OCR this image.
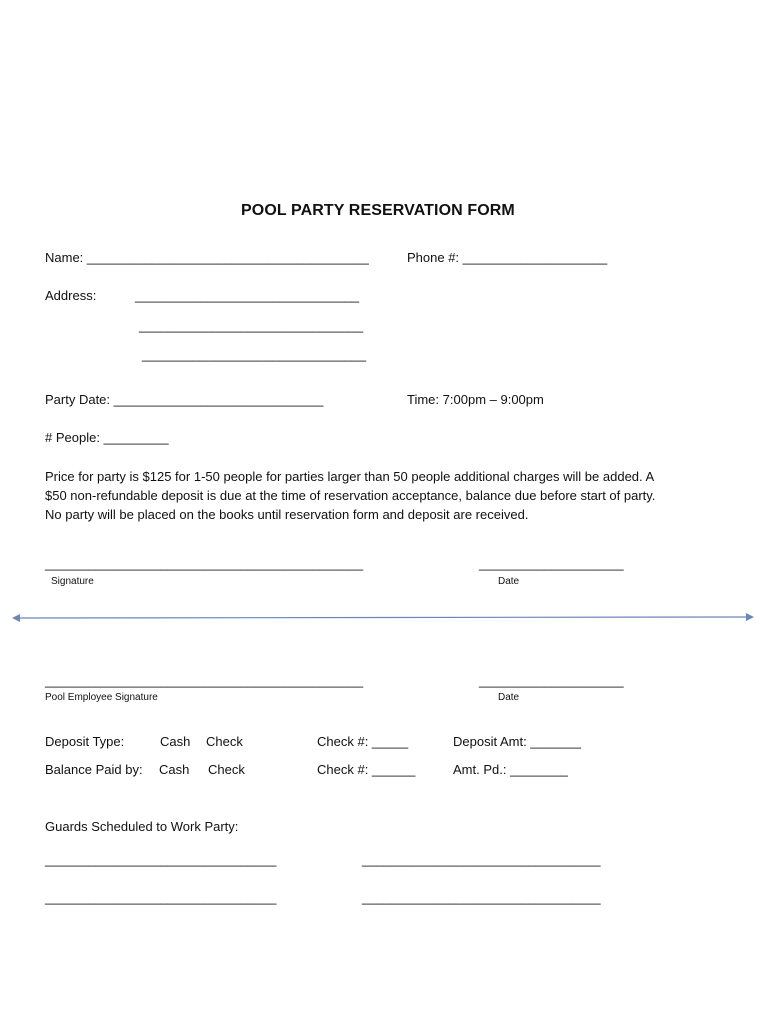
POOL PARTY RESERVATION FORM
Name: _______________________________________	Phone #: ____________________
Address:	_______________________________
_______________________________
_______________________________
Party Date: _____________________________	Time: 7:00pm – 9:00pm
# People: _________
Price for party is $125 for 1-50 people for parties larger than 50 people additional charges will be added. A
$50 non-refundable deposit is due at the time of reservation acceptance, balance due before start of party.
No party will be placed on the books until reservation form and deposit are received.
____________________________________________
Signature
____________________
Date
____________________________________________
Pool Employee Signature
____________________
Date
Deposit Type:	Cash Check	Check #: _____	Deposit Amt: _______
Balance Paid by: Cash Check	Check #: ______	Amt. Pd.: ________
Guards Scheduled to Work Party:
________________________________	_________________________________
________________________________	_________________________________
